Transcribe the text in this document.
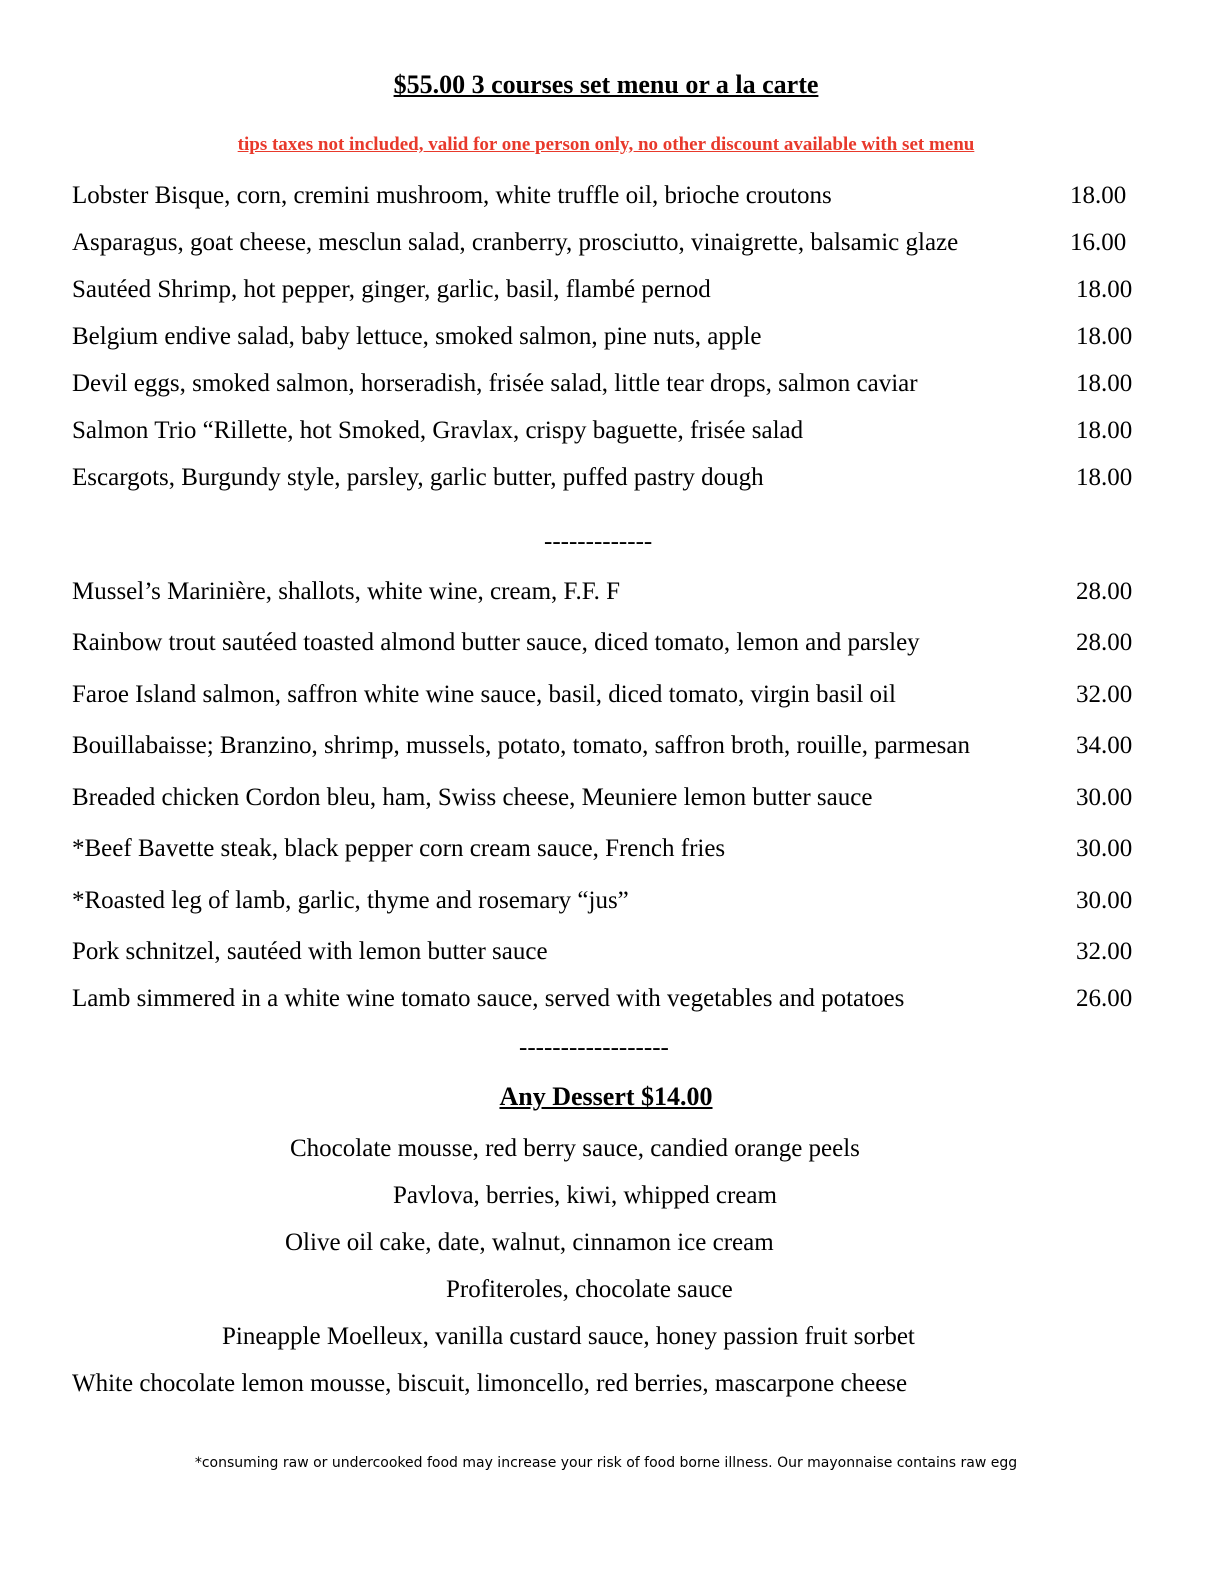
$55.00 3 courses set menu or a la carte
tips taxes not included, valid for one person only, no other discount available with set menu
Lobster Bisque, corn, cremini mushroom, white truffle oil, brioche croutons	18.00
Asparagus, goat cheese, mesclun salad, cranberry, prosciutto, vinaigrette, balsamic glaze	16.00
Sautéed Shrimp, hot pepper, ginger, garlic, basil, flambé pernod	18.00
Belgium endive salad, baby lettuce, smoked salmon, pine nuts, apple	18.00
Devil eggs, smoked salmon, horseradish, frisée salad, little tear drops, salmon caviar	18.00
Salmon Trio “Rillette, hot Smoked, Gravlax, crispy baguette, frisée salad	18.00
Escargots, Burgundy style, parsley, garlic butter, puffed pastry dough	18.00
-------------
Mussel’s Marinière, shallots, white wine, cream, F.F. F	28.00
Rainbow trout sautéed toasted almond butter sauce, diced tomato, lemon and parsley	28.00
Faroe Island salmon, saffron white wine sauce, basil, diced tomato, virgin basil oil	32.00
Bouillabaisse; Branzino, shrimp, mussels, potato, tomato, saffron broth, rouille, parmesan	34.00
Breaded chicken Cordon bleu, ham, Swiss cheese, Meuniere lemon butter sauce	30.00
*Beef Bavette steak, black pepper corn cream sauce, French fries	30.00
*Roasted leg of lamb, garlic, thyme and rosemary “jus”	30.00
Pork schnitzel, sautéed with lemon butter sauce	32.00
Lamb simmered in a white wine tomato sauce, served with vegetables and potatoes	26.00
------------------
Any Dessert $14.00
Chocolate mousse, red berry sauce, candied orange peels
Pavlova, berries, kiwi, whipped cream
Olive oil cake, date, walnut, cinnamon ice cream
Profiteroles, chocolate sauce
Pineapple Moelleux, vanilla custard sauce, honey passion fruit sorbet
White chocolate lemon mousse, biscuit, limoncello, red berries, mascarpone cheese
*consuming raw or undercooked food may increase your risk of food borne illness. Our mayonnaise contains raw egg
